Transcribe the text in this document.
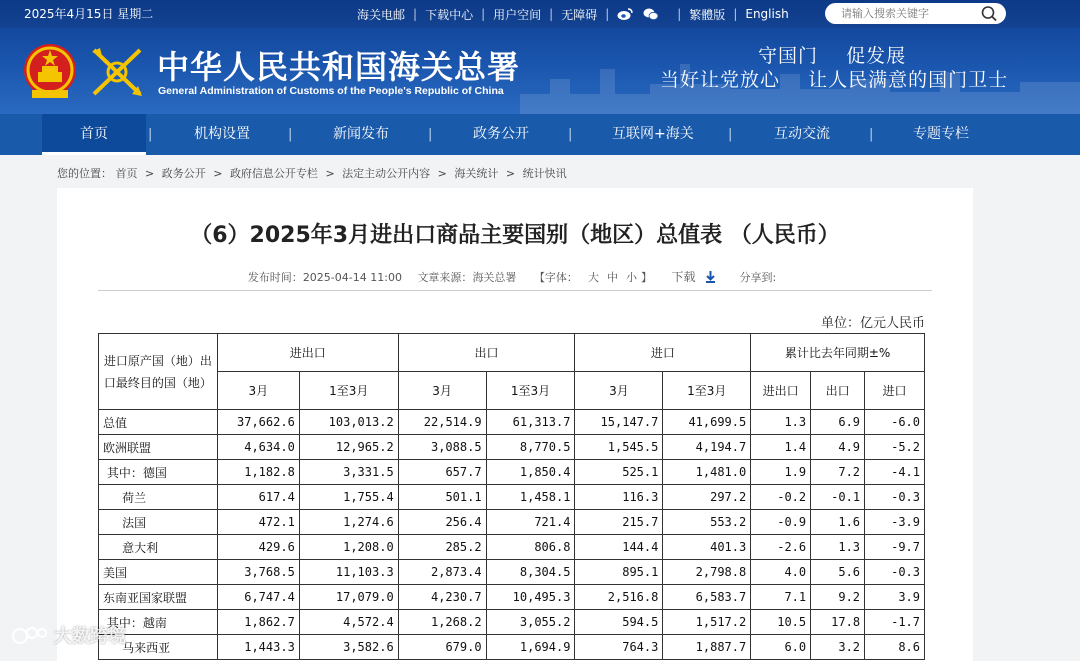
2025年4月15日 星期二	海关电邮 | 下载中心 | 用户空间 | 无障碍 |	| 繁體版 | English
请输入搜索关键字
中华人民共和国海关总署
General Administration of Customs of the People's Republic of China
守国门    促发展
当好让党放心    让人民满意的国门卫士
首页	|	机构设置	|	新闻发布	|	政务公开	|	互联网+海关	|	互动交流	|	专题专栏
您的位置： 首页 > 政务公开 > 政府信息公开专栏 > 法定主动公开内容 > 海关统计 > 统计快讯
（6）2025年3月进出口商品主要国别（地区）总值表 （人民币）
发布时间：2025-04-14 11:00 文章来源：海关总署 【字体： 大 中 小 】 下载	分享到:
单位：亿元人民币
进口原产国（地）出口最终目的国（地）	进出口		出口		进口		累计比去年同期±%		
	3月	1至3月	3月	1至3月	3月	1至3月	进出口	出口	进口
总值	37,662.6	103,013.2	22,514.9	61,313.7	15,147.7	41,699.5	1.3	6.9	-6.0
欧洲联盟	4,634.0	12,965.2	3,088.5	8,770.5	1,545.5	4,194.7	1.4	4.9	-5.2
其中：德国	1,182.8	3,331.5	657.7	1,850.4	525.1	1,481.0	1.9	7.2	-4.1
荷兰	617.4	1,755.4	501.1	1,458.1	116.3	297.2	-0.2	-0.1	-0.3
法国	472.1	1,274.6	256.4	721.4	215.7	553.2	-0.9	1.6	-3.9
意大利	429.6	1,208.0	285.2	806.8	144.4	401.3	-2.6	1.3	-9.7
美国	3,768.5	11,103.3	2,873.4	8,304.5	895.1	2,798.8	4.0	5.6	-0.3
东南亚国家联盟	6,747.4	17,079.0	4,230.7	10,495.3	2,516.8	6,583.7	7.1	9.2	3.9
其中：越南	1,862.7	4,572.4	1,268.2	3,055.2	594.5	1,517.2	10.5	17.8	-1.7
马来西亚	1,443.3	3,582.6	679.0	1,694.9	764.3	1,887.7	6.0	3.2	8.6
大数跨境
